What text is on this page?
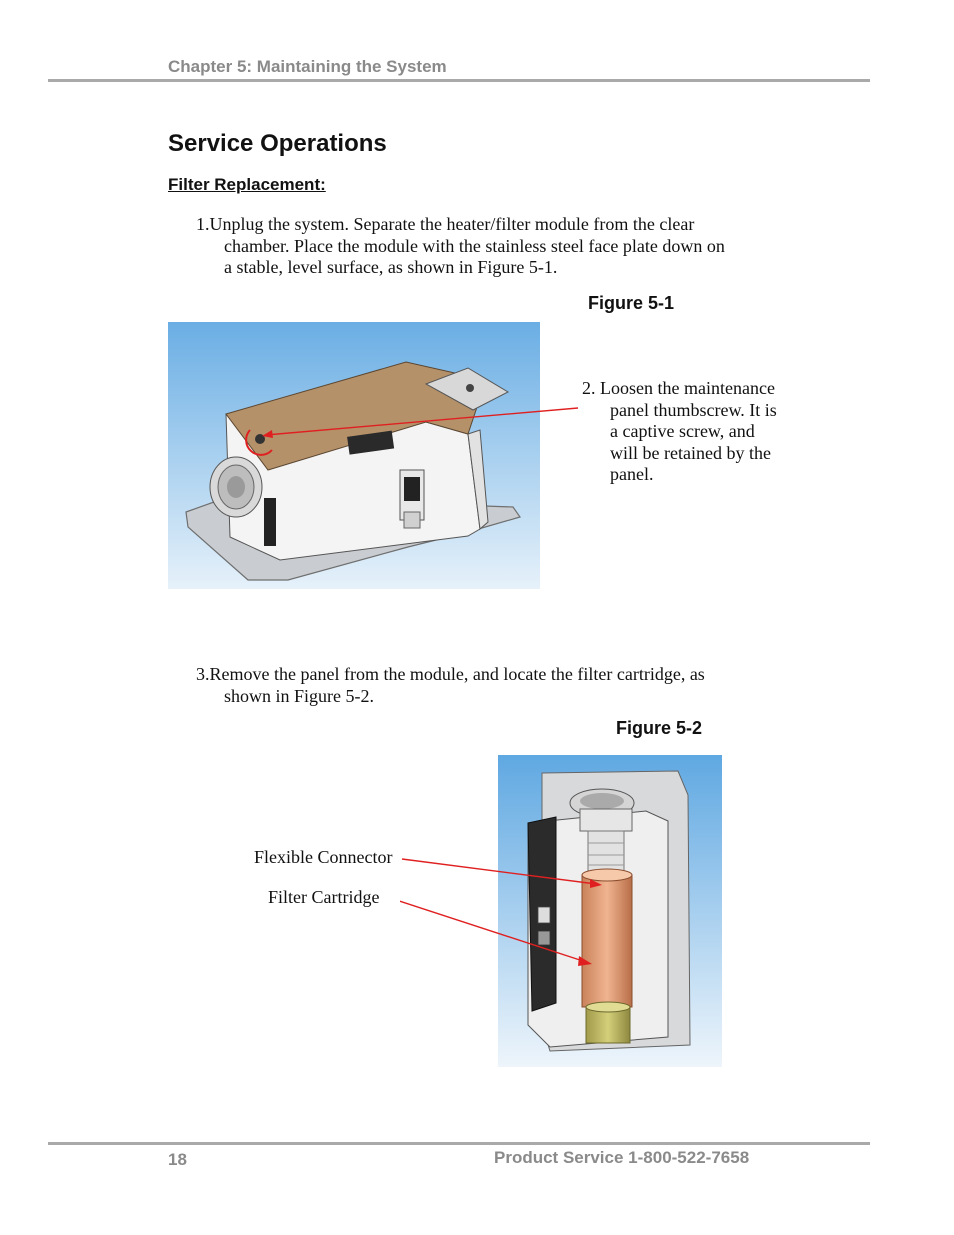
Chapter 5: Maintaining the System
Service Operations
Filter Replacement:
1.Unplug the system. Separate the heater/filter module from the clear
chamber. Place the module with the stainless steel face plate down on
a stable, level surface, as shown in Figure 5-1.
Figure 5-1
2. Loosen the maintenance
panel thumbscrew. It is
a captive screw, and
will be retained by the
panel.
3.Remove the panel from the module, and locate the filter cartridge, as
shown in Figure 5-2.
Figure 5-2
Flexible Connector
Filter Cartridge
18	Product Service 1-800-522-7658
